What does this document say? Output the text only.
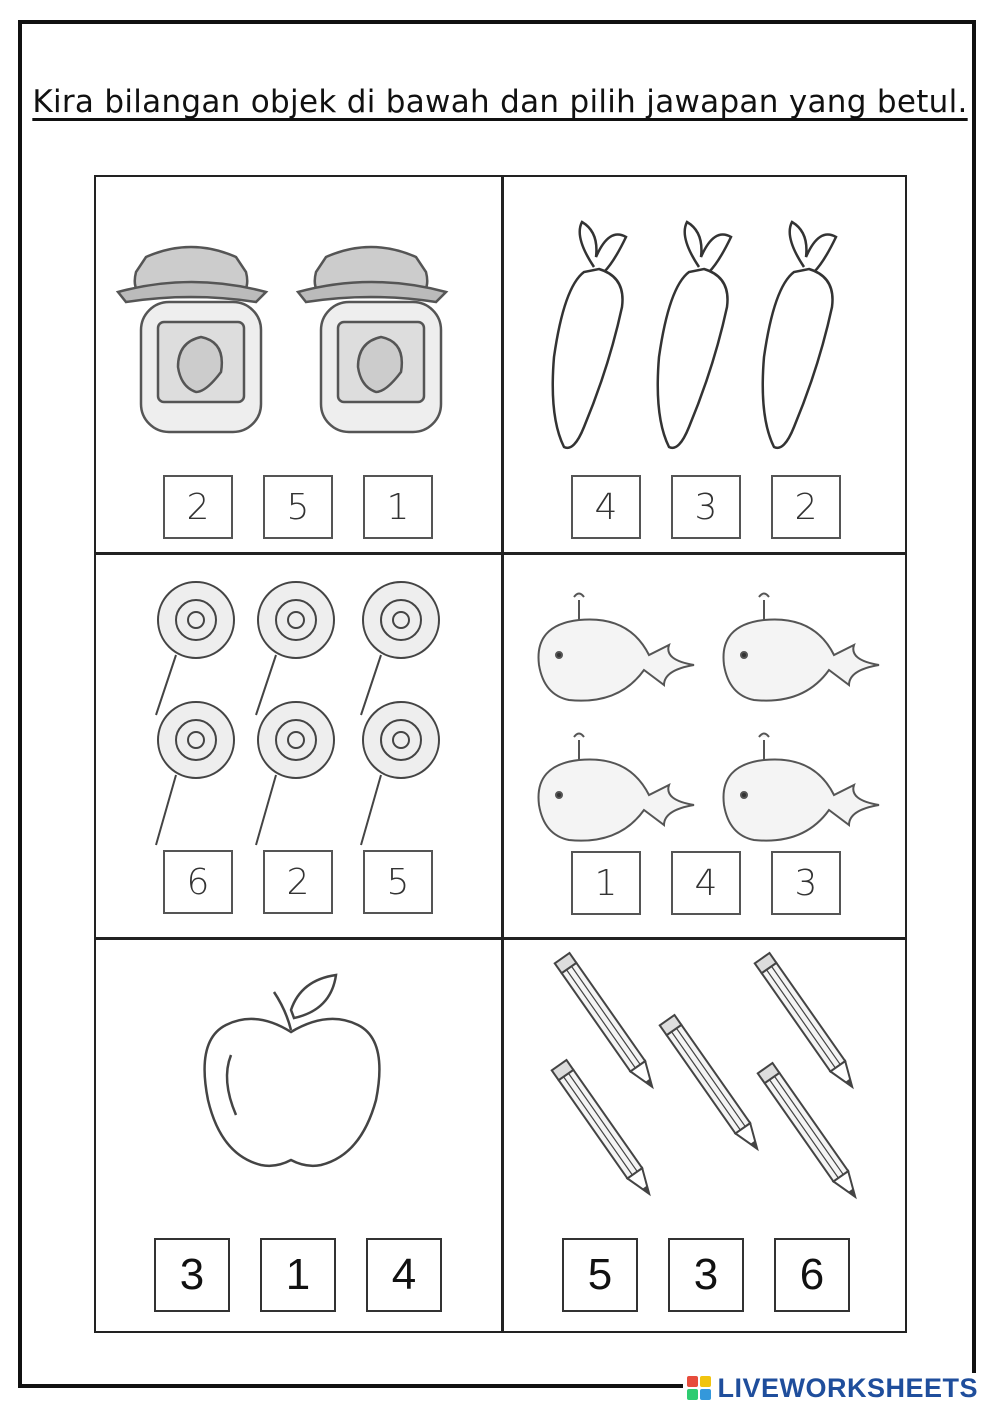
Kira bilangan objek di bawah dan pilih jawapan yang betul.
2	5	1	4	3	2
6	2	5	1	4	3
3	1	4	5	3	6
LIVEWORKSHEETS
